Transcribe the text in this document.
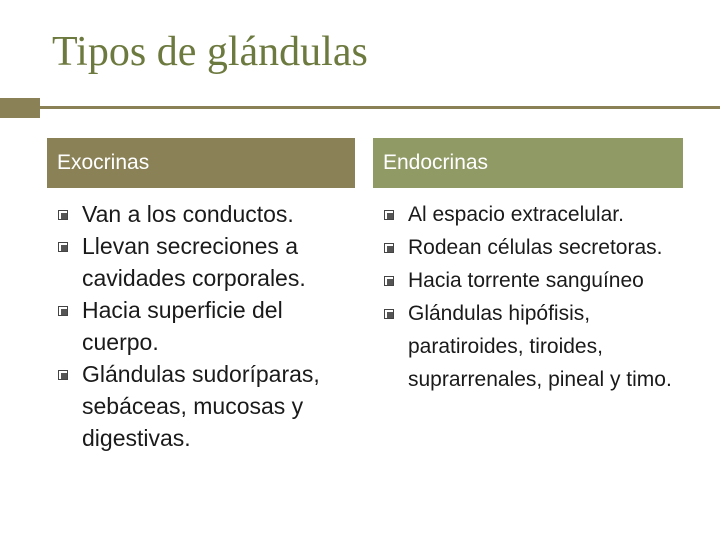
Tipos de glándulas
Exocrinas	Endocrinas
Van a los conductos.
Llevan secreciones a cavidades corporales.
Hacia superficie del cuerpo.
Glándulas sudoríparas, sebáceas, mucosas y digestivas.
Al espacio extracelular.
Rodean células secretoras.
Hacia torrente sanguíneo
Glándulas hipófisis, paratiroides, tiroides, suprarrenales, pineal y timo.
